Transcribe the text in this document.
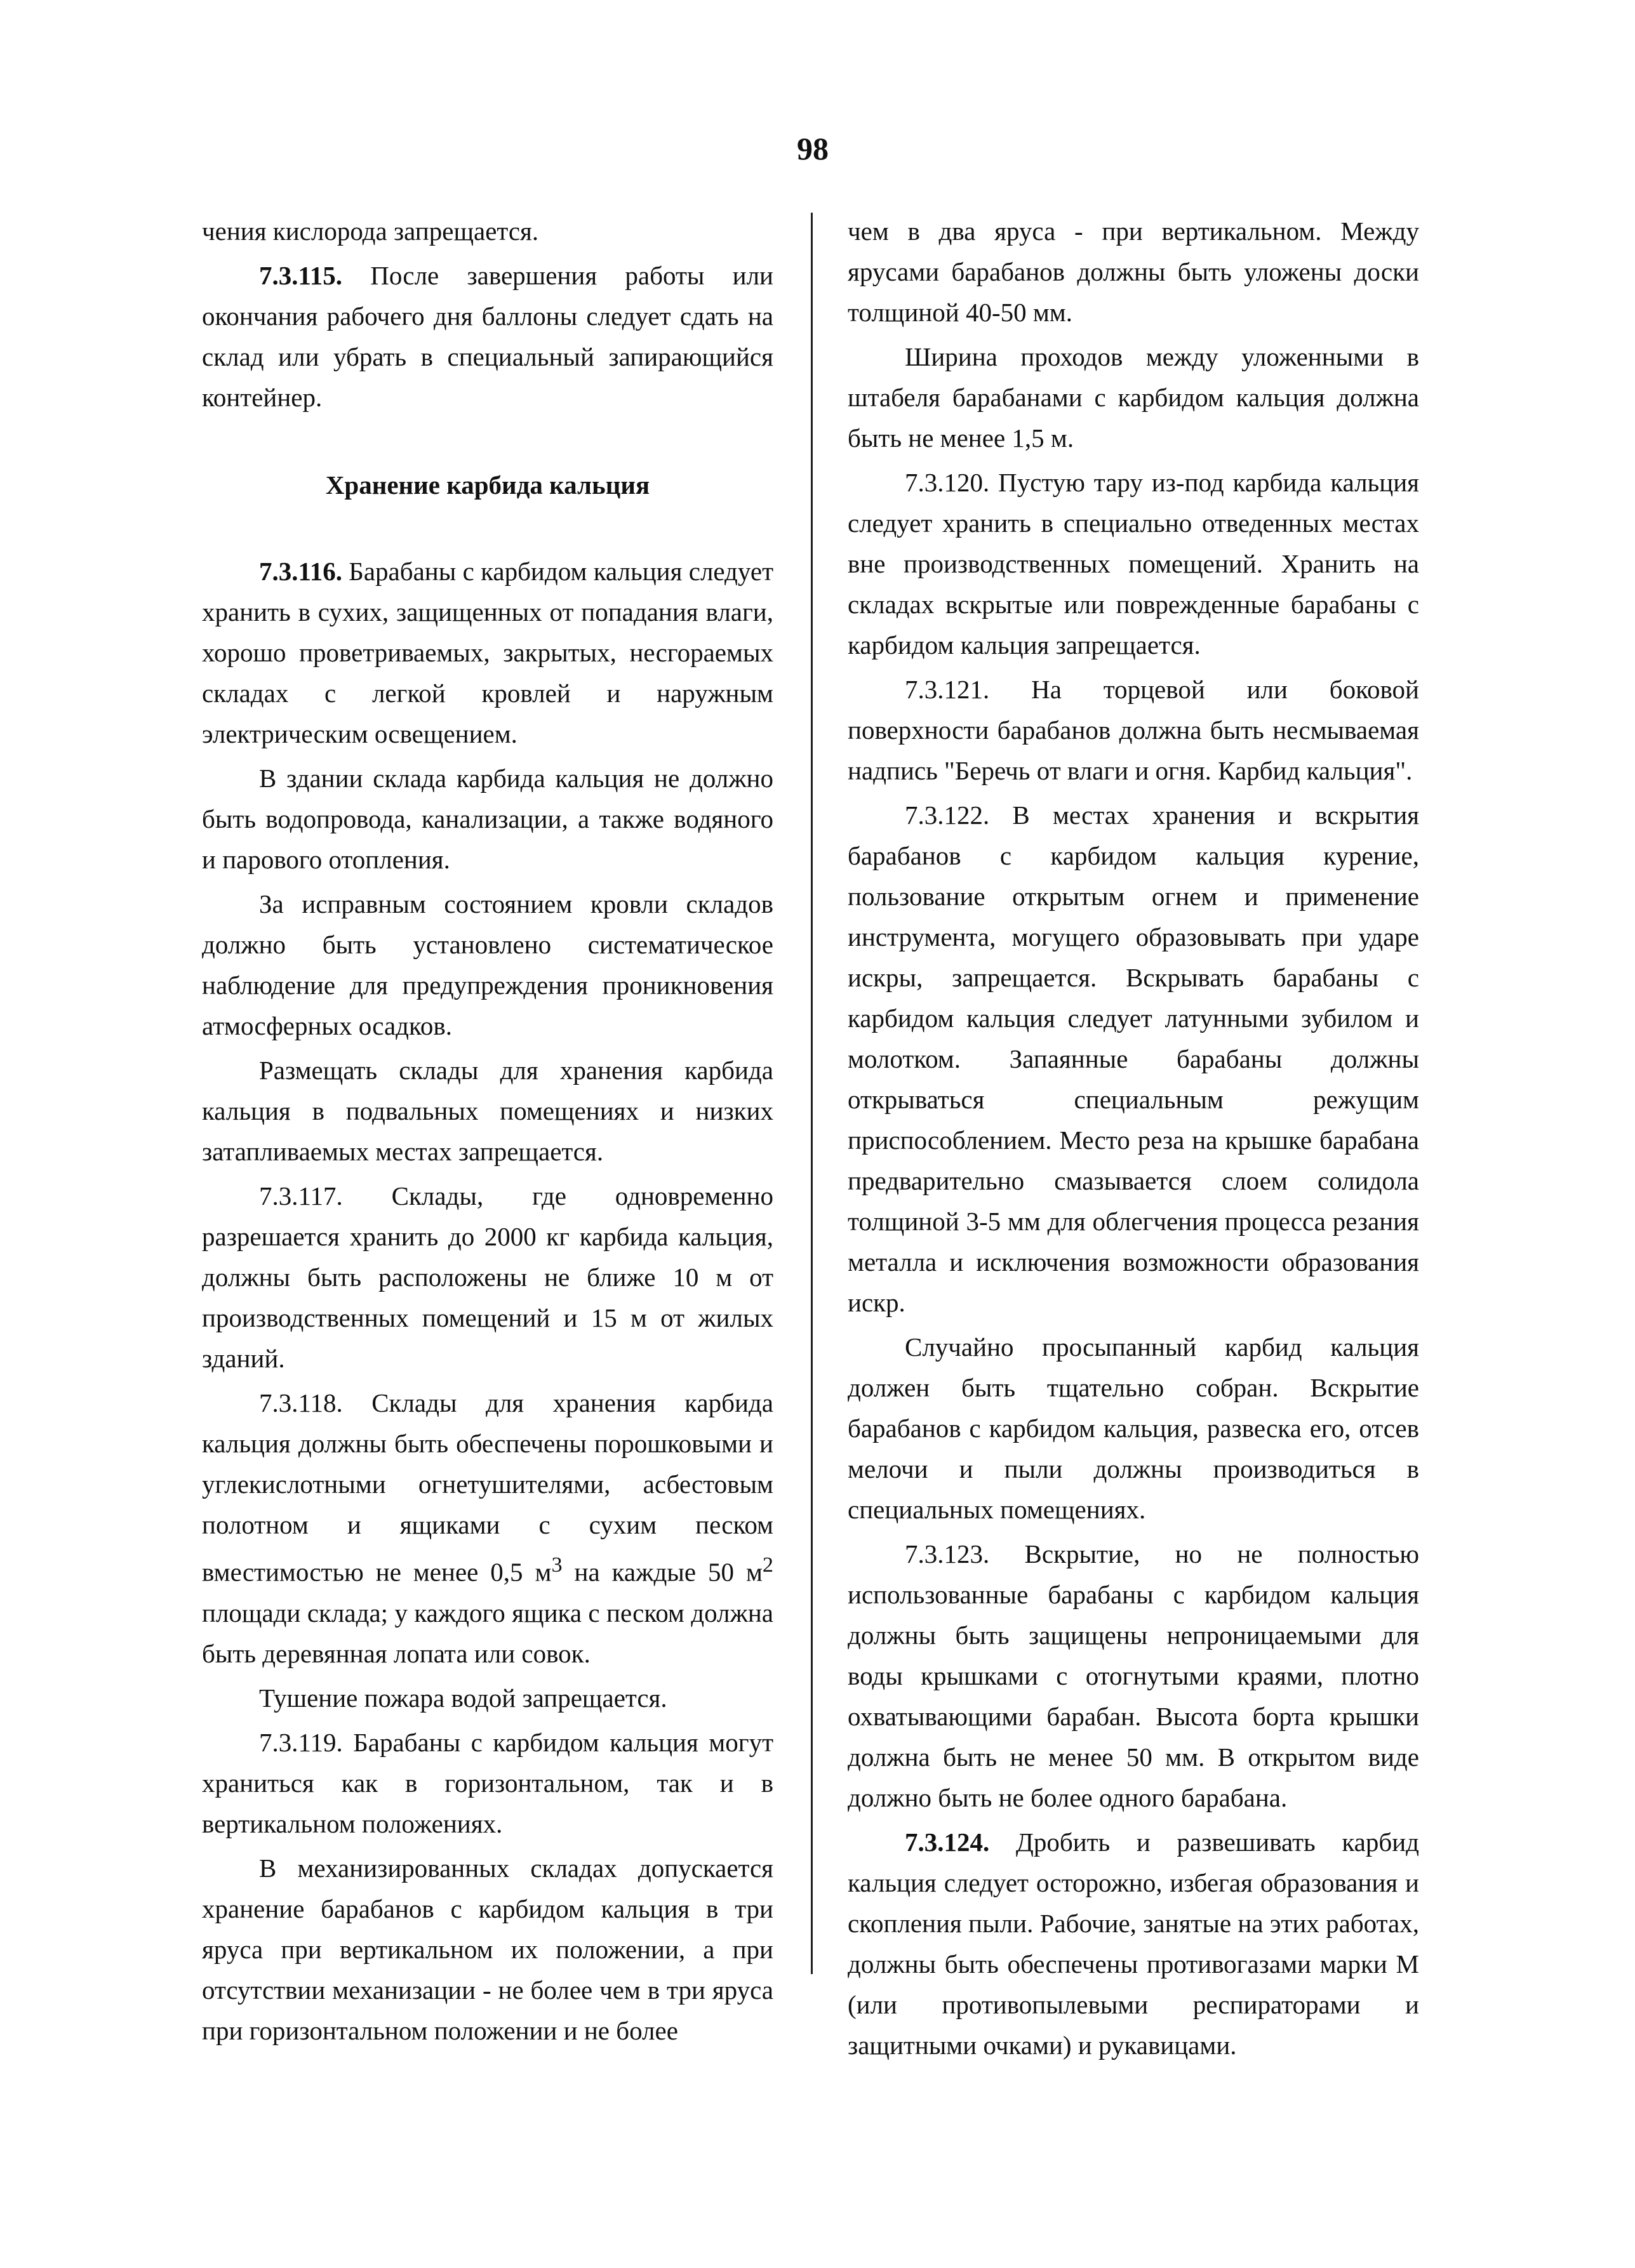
98

чения кислорода запрещается.

7.3.115. После завершения работы или окончания рабочего дня баллоны следует сдать на склад или убрать в специальный запирающийся контейнер.

Хранение карбида кальция

7.3.116. Барабаны с карбидом кальция следует хранить в сухих, защищенных от попадания влаги, хорошо проветриваемых, закрытых, несгораемых складах с легкой кровлей и наружным электрическим освещением.

В здании склада карбида кальция не должно быть водопровода, канализации, а также водяного и парового отопления.

За исправным состоянием кровли складов должно быть установлено систематическое наблюдение для предупреждения проникновения атмосферных осадков.

Размещать склады для хранения карбида кальция в подвальных помещениях и низких затапливаемых местах запрещается.

7.3.117. Склады, где одновременно разрешается хранить до 2000 кг карбида кальция, должны быть расположены не ближе 10 м от производственных помещений и 15 м от жилых зданий.

7.3.118. Склады для хранения карбида кальция должны быть обеспечены порошковыми и углекислотными огнетушителями, асбестовым полотном и ящиками с сухим песком вместимостью не менее 0,5 $м^3$ на каждые 50 $м^2$ площади склада; у каждого ящика с песком должна быть деревянная лопата или совок.

Тушение пожара водой запрещается.

7.3.119. Барабаны с карбидом кальция могут храниться как в горизонтальном, так и в вертикальном положениях.

В механизированных складах допускается хранение барабанов с карбидом кальция в три яруса при вертикальном их положении, а при отсутствии механизации - не более чем в три яруса при горизонтальном положении и не более

чем в два яруса - при вертикальном. Между ярусами барабанов должны быть уложены доски толщиной 40-50 мм.

Ширина проходов между уложенными в штабеля барабанами с карбидом кальция должна быть не менее 1,5 м.

7.3.120. Пустую тару из-под карбида кальция следует хранить в специально отведенных местах вне производственных помещений. Хранить на складах вскрытые или поврежденные барабаны с карбидом кальция запрещается.

7.3.121. На торцевой или боковой поверхности барабанов должна быть несмываемая надпись "Беречь от влаги и огня. Карбид кальция".

7.3.122. В местах хранения и вскрытия барабанов с карбидом кальция курение, пользование открытым огнем и применение инструмента, могущего образовывать при ударе искры, запрещается. Вскрывать барабаны с карбидом кальция следует латунными зубилом и молотком. Запаянные барабаны должны открываться специальным режущим приспособлением. Место реза на крышке барабана предварительно смазывается слоем солидола толщиной 3-5 мм для облегчения процесса резания металла и исключения возможности образования искр.

Случайно просыпанный карбид кальция должен быть тщательно собран. Вскрытие барабанов с карбидом кальция, развеска его, отсев мелочи и пыли должны производиться в специальных помещениях.

7.3.123. Вскрытие, но не полностью использованные барабаны с карбидом кальция должны быть защищены непроницаемыми для воды крышками с отогнутыми краями, плотно охватывающими барабан. Высота борта крышки должна быть не менее 50 мм. В открытом виде должно быть не более одного барабана.

7.3.124. Дробить и развешивать карбид кальция следует осторожно, избегая образования и скопления пыли. Рабочие, занятые на этих работах, должны быть обеспечены противогазами марки М (или противопылевыми респираторами и защитными очками) и рукавицами.
